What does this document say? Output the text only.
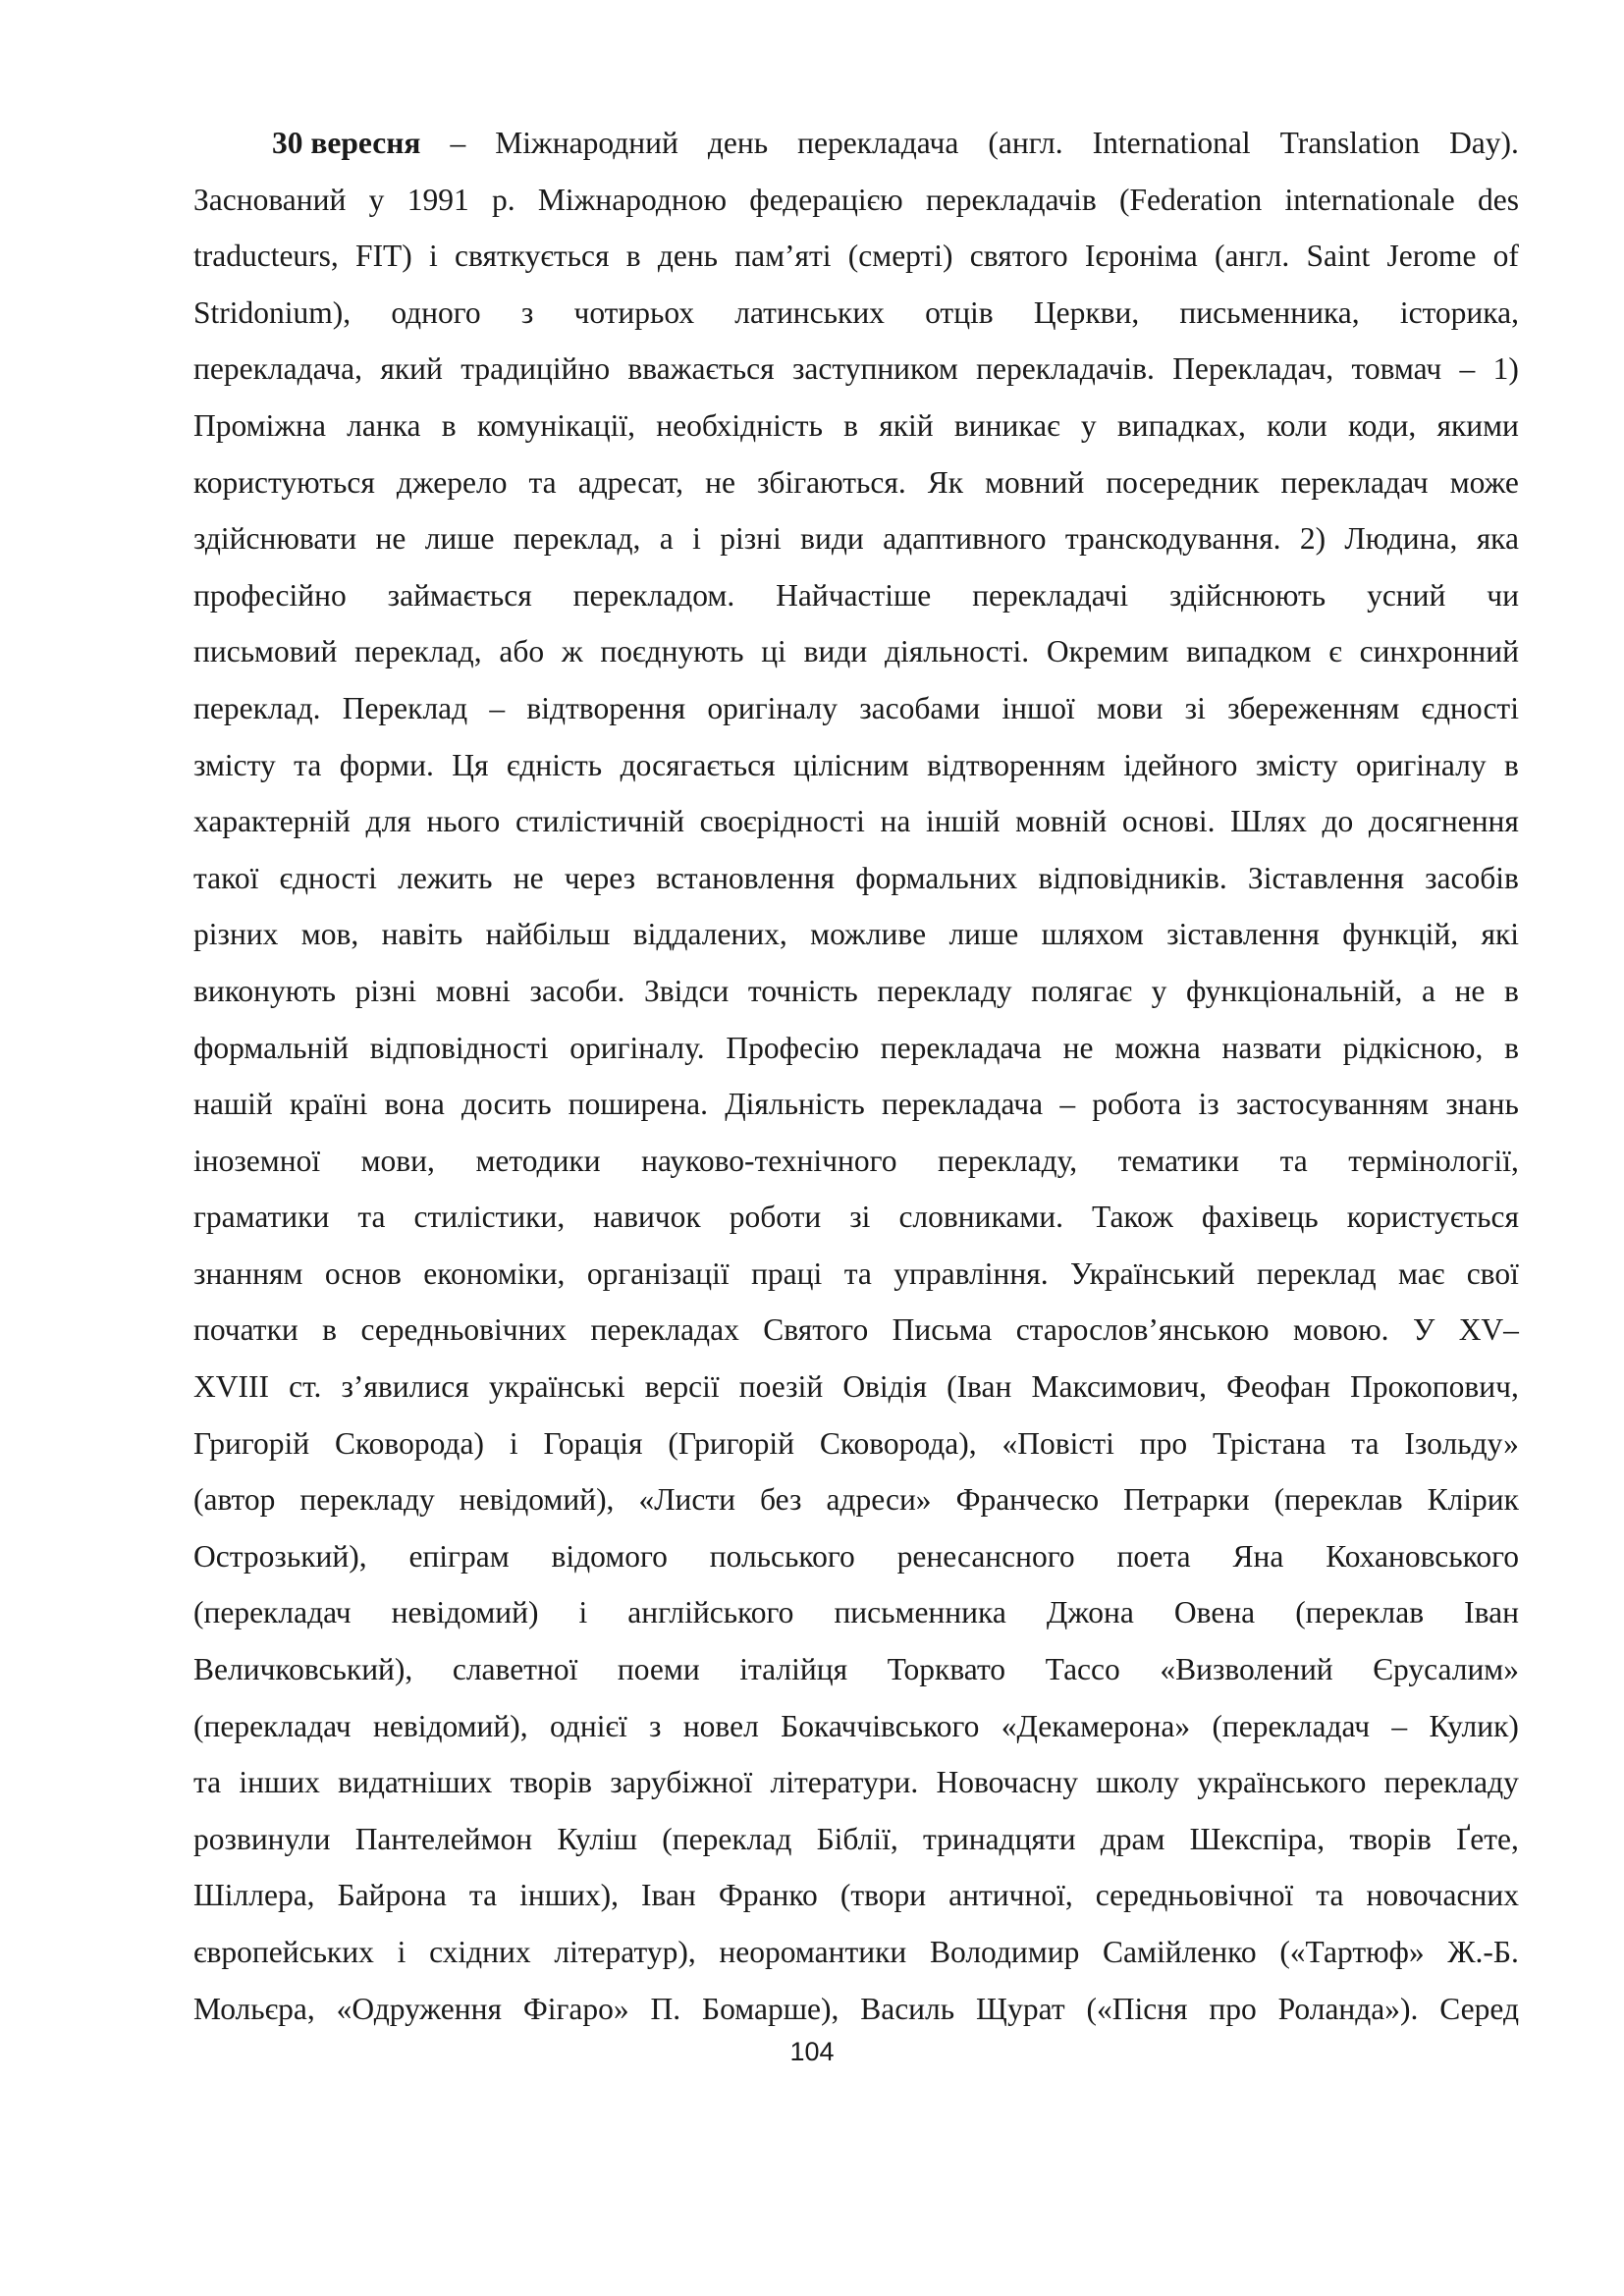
30 вересня – Міжнародний день перекладача (англ. International Translation Day).
Заснований у 1991 р. Міжнародною федерацією перекладачів (Federation internationale des
traducteurs, FIT) і святкується в день пам’яті (смерті) святого Ієроніма (англ. Saint Jerome of
Stridonium), одного з чотирьох латинських отців Церкви, письменника, історика,
перекладача, який традиційно вважається заступником перекладачів. Перекладач, товмач – 1)
Проміжна ланка в комунікації, необхідність в якій виникає у випадках, коли коди, якими
користуються джерело та адресат, не збігаються. Як мовний посередник перекладач може
здійснювати не лише переклад, а і різні види адаптивного транскодування. 2) Людина, яка
професійно займається перекладом. Найчастіше перекладачі здійснюють усний чи
письмовий переклад, або ж поєднують ці види діяльності. Окремим випадком є синхронний
переклад. Переклад – відтворення оригіналу засобами іншої мови зі збереженням єдності
змісту та форми. Ця єдність досягається цілісним відтворенням ідейного змісту оригіналу в
характерній для нього стилістичній своєрідності на іншій мовній основі. Шлях до досягнення
такої єдності лежить не через встановлення формальних відповідників. Зіставлення засобів
різних мов, навіть найбільш віддалених, можливе лише шляхом зіставлення функцій, які
виконують різні мовні засоби. Звідси точність перекладу полягає у функціональній, а не в
формальній відповідності оригіналу. Професію перекладача не можна назвати рідкісною, в
нашій країні вона досить поширена. Діяльність перекладача – робота із застосуванням знань
іноземної мови, методики науково-технічного перекладу, тематики та термінології,
граматики та стилістики, навичок роботи зі словниками. Також фахівець користується
знанням основ економіки, організації праці та управління. Український переклад має свої
початки в середньовічних перекладах Святого Письма старослов’янською мовою. У XV–
XVIII ст. з’явилися українські версії поезій Овідія (Іван Максимович, Феофан Прокопович,
Григорій Сковорода) і Горація (Григорій Сковорода), «Повісті про Трістана та Ізольду»
(автор перекладу невідомий), «Листи без адреси» Франческо Петрарки (переклав Клірик
Острозький), епіграм відомого польського ренесансного поета Яна Кохановського
(перекладач невідомий) і англійського письменника Джона Овена (переклав Іван
Величковський), славетної поеми італійця Торквато Тассо «Визволений Єрусалим»
(перекладач невідомий), однієї з новел Бокаччівського «Декамерона» (перекладач – Кулик)
та інших видатніших творів зарубіжної літератури. Новочасну школу українського перекладу
розвинули Пантелеймон Куліш (переклад Біблії, тринадцяти драм Шекспіра, творів Ґете,
Шіллера, Байрона та інших), Іван Франко (твори античної, середньовічної та новочасних
європейських і східних літератур), неоромантики Володимир Самійленко («Тартюф» Ж.-Б.
Мольєра, «Одруження Фігаро» П. Бомарше), Василь Щурат («Пісня про Роланда»). Серед
104
